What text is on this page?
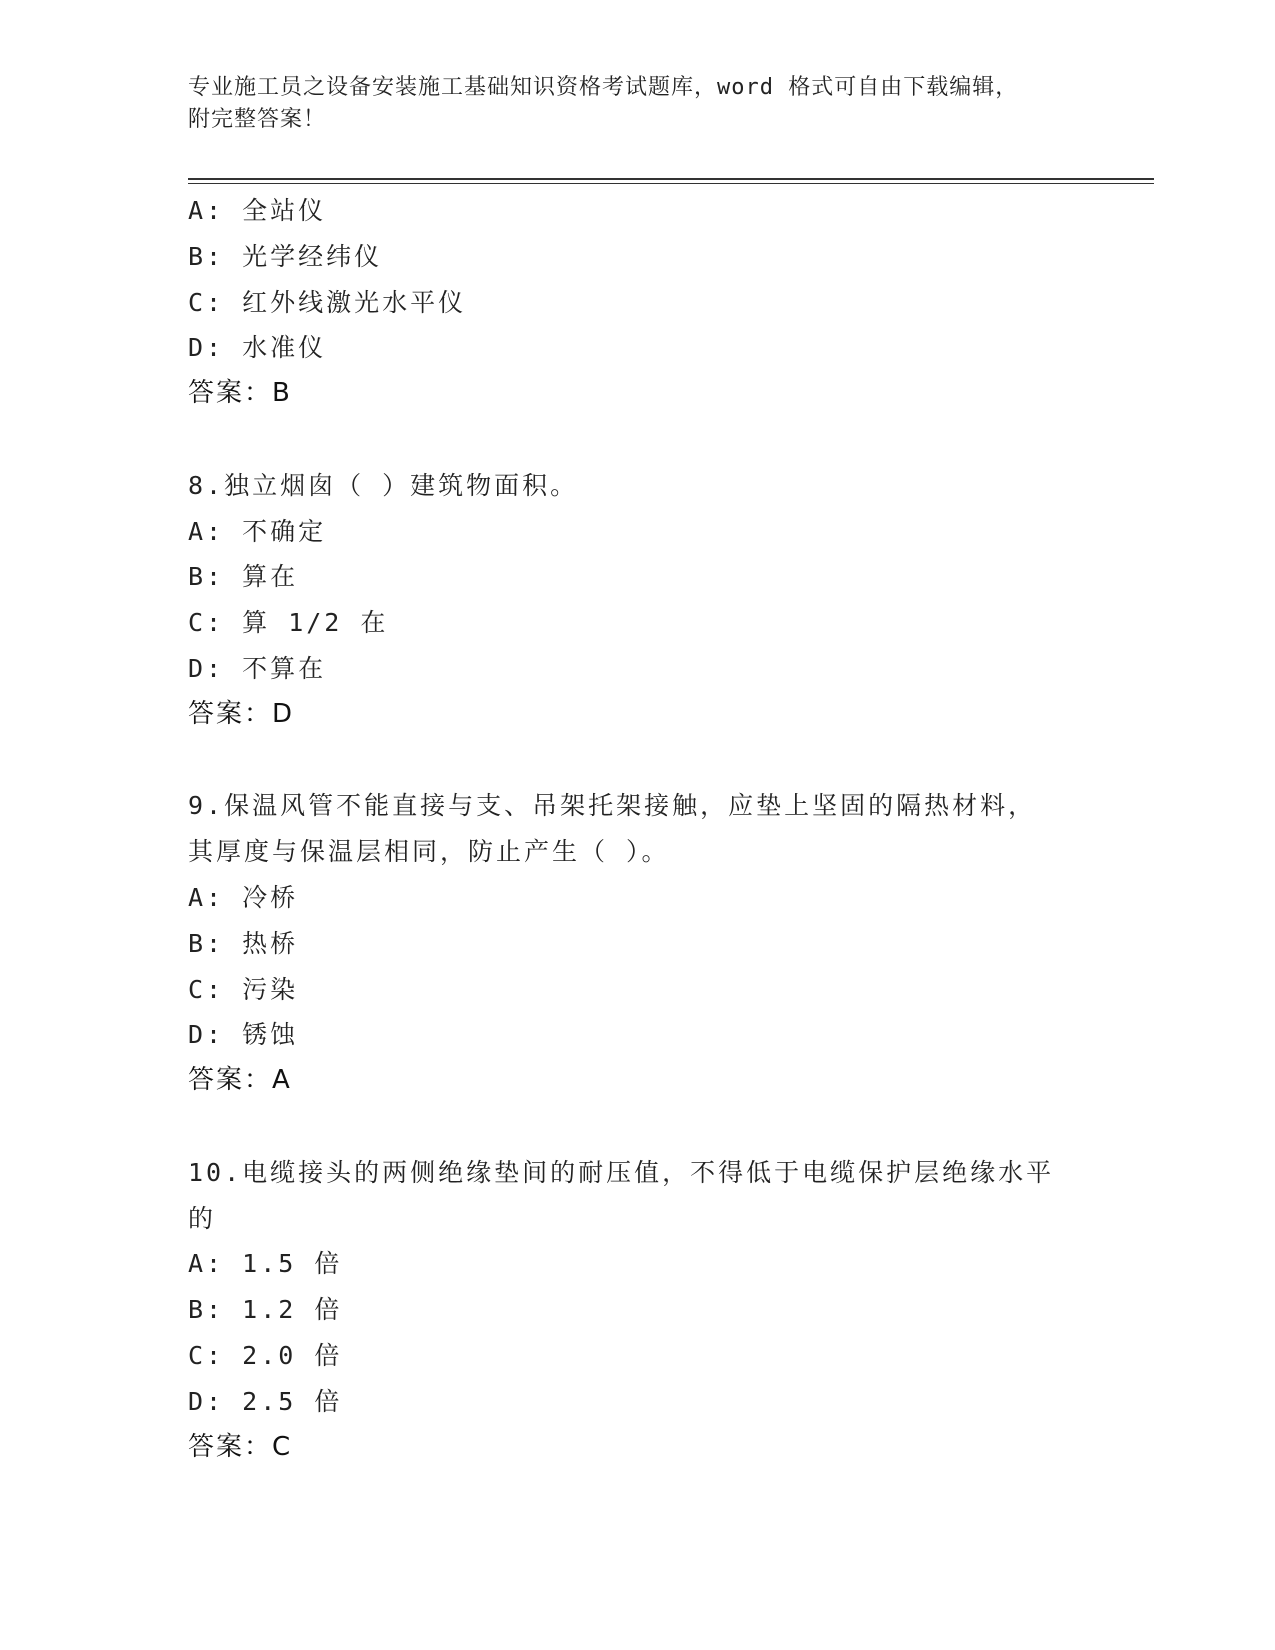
专业施工员之设备安装施工基础知识资格考试题库，word 格式可自由下载编辑，
附完整答案！
A: 全站仪
B: 光学经纬仪
C: 红外线激光水平仪
D: 水准仪
答案：B
8.独立烟囱（ ）建筑物面积。
A: 不确定
B: 算在
C: 算 1/2 在
D: 不算在
答案：D
9.保温风管不能直接与支、吊架托架接触，应垫上坚固的隔热材料，
其厚度与保温层相同，防止产生（ ）。
A: 冷桥
B: 热桥
C: 污染
D: 锈蚀
答案：A
10.电缆接头的两侧绝缘垫间的耐压值，不得低于电缆保护层绝缘水平
的
A: 1.5 倍
B: 1.2 倍
C: 2.0 倍
D: 2.5 倍
答案：C
